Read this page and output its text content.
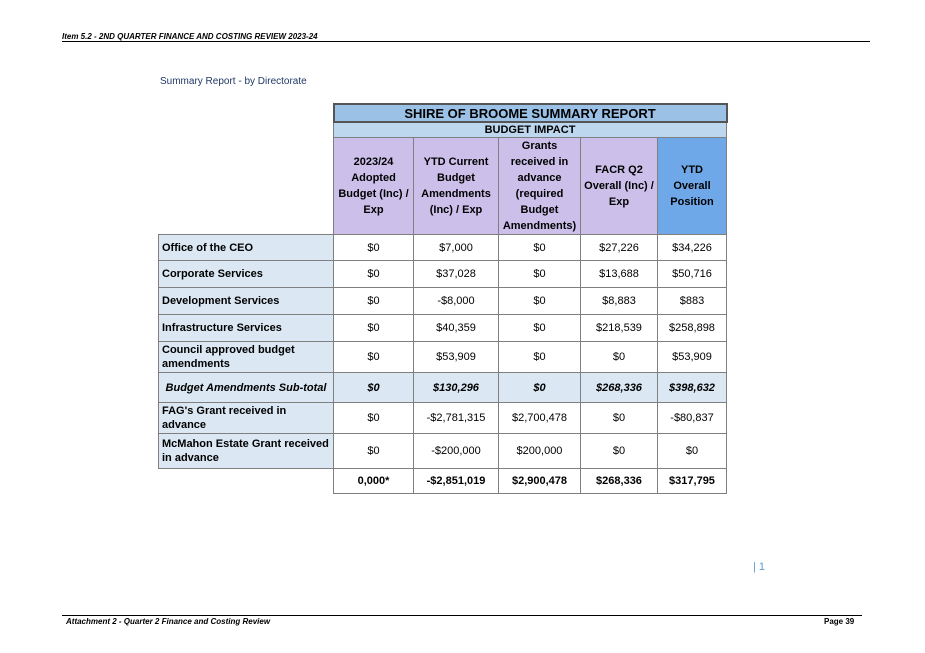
Item 5.2 - 2ND QUARTER FINANCE AND COSTING REVIEW 2023-24
Summary Report - by Directorate
	SHIRE OF BROOME SUMMARY REPORT				
	BUDGET IMPACT				
	2023/24 Adopted Budget (Inc) / Exp	YTD Current Budget Amendments (Inc) / Exp	Grants received in advance (required Budget Amendments)	FACR Q2 Overall (Inc) / Exp	YTD Overall Position
Office of the CEO	$0	$7,000	$0	$27,226	$34,226
Corporate Services	$0	$37,028	$0	$13,688	$50,716
Development Services	$0	-$8,000	$0	$8,883	$883
Infrastructure Services	$0	$40,359	$0	$218,539	$258,898
Council approved budget amendments	$0	$53,909	$0	$0	$53,909
Budget Amendments Sub-total	$0	$130,296	$0	$268,336	$398,632
FAG's Grant received in advance	$0	-$2,781,315	$2,700,478	$0	-$80,837
McMahon Estate Grant received in advance	$0	-$200,000	$200,000	$0	$0
	0,000*	-$2,851,019	$2,900,478	$268,336	$317,795
| 1
Attachment 2 - Quarter 2 Finance and Costing Review	Page 39
